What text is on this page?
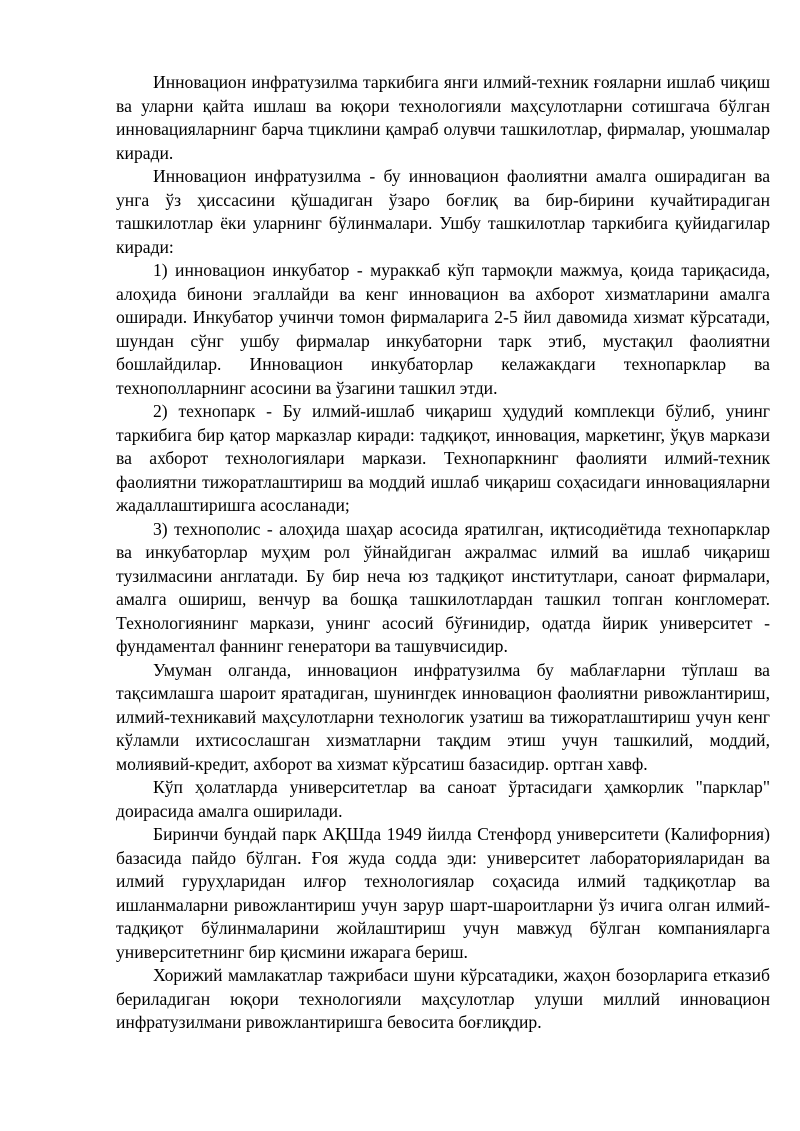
Инновацион инфратузилма таркибига янги илмий-техник ғояларни ишлаб чиқиш ва уларни қайта ишлаш ва юқори технологияли маҳсулотларни сотишгача бўлган инновацияларнинг барча тциклини қамраб олувчи ташкилотлар, фирмалар, уюшмалар киради.

Инновацион инфратузилма - бу инновацион фаолиятни амалга оширадиган ва унга ўз ҳиссасини қўшадиган ўзаро боғлиқ ва бир-бирини кучайтирадиган ташкилотлар ёки уларнинг бўлинмалари. Ушбу ташкилотлар таркибига қуйидагилар киради:

1) инновацион инкубатор - мураккаб кўп тармоқли мажмуа, қоида тариқасида, алоҳида бинони эгаллайди ва кенг инновацион ва ахборот хизматларини амалга оширади. Инкубатор учинчи томон фирмаларига 2-5 йил давомида хизмат кўрсатади, шундан сўнг ушбу фирмалар инкубаторни тарк этиб, мустақил фаолиятни бошлайдилар. Инновацион инкубаторлар келажакдаги технопарклар ва технополларнинг асосини ва ўзагини ташкил этди.

2) технопарк - Бу илмий-ишлаб чиқариш ҳудудий комплекци бўлиб, унинг таркибига бир қатор марказлар киради: тадқиқот, инновация, маркетинг, ўқув маркази ва ахборот технологиялари маркази. Технопаркнинг фаолияти илмий-техник фаолиятни тижоратлаштириш ва моддий ишлаб чиқариш соҳасидаги инновацияларни жадаллаштиришга асосланади;

3) технополис - алоҳида шаҳар асосида яратилган, иқтисодиётида технопарклар ва инкубаторлар муҳим рол ўйнайдиган ажралмас илмий ва ишлаб чиқариш тузилмасини англатади. Бу бир неча юз тадқиқот институтлари, саноат фирмалари, амалга ошириш, венчур ва бошқа ташкилотлардан ташкил топган конгломерат. Технологиянинг маркази, унинг асосий бўғинидир, одатда йирик университет - фундаментал фаннинг генератори ва ташувчисидир.

Умуман олганда, инновацион инфратузилма бу маблағларни тўплаш ва тақсимлашга шароит яратадиган, шунингдек инновацион фаолиятни ривожлантириш, илмий-техникавий маҳсулотларни технологик узатиш ва тижоратлаштириш учун кенг кўламли ихтисослашган хизматларни тақдим этиш учун ташкилий, моддий, молиявий-кредит, ахборот ва хизмат кўрсатиш базасидир. ортган хавф.

Кўп ҳолатларда университетлар ва саноат ўртасидаги ҳамкорлик "парклар" доирасида амалга оширилади.

Биринчи бундай парк АҚШда 1949 йилда Стенфорд университети (Калифорния) базасида пайдо бўлган. Ғоя жуда содда эди: университет лабораторияларидан ва илмий гуруҳларидан илғор технологиялар соҳасида илмий тадқиқотлар ва ишланмаларни ривожлантириш учун зарур шарт-шароитларни ўз ичига олган илмий-тадқиқот бўлинмаларини жойлаштириш учун мавжуд бўлган компанияларга университетнинг бир қисмини ижарага бериш.

Хорижий мамлакатлар тажрибаси шуни кўрсатадики, жаҳон бозорларига етказиб бериладиган юқори технологияли маҳсулотлар улуши миллий инновацион инфратузилмани ривожлантиришга бевосита боғлиқдир.
